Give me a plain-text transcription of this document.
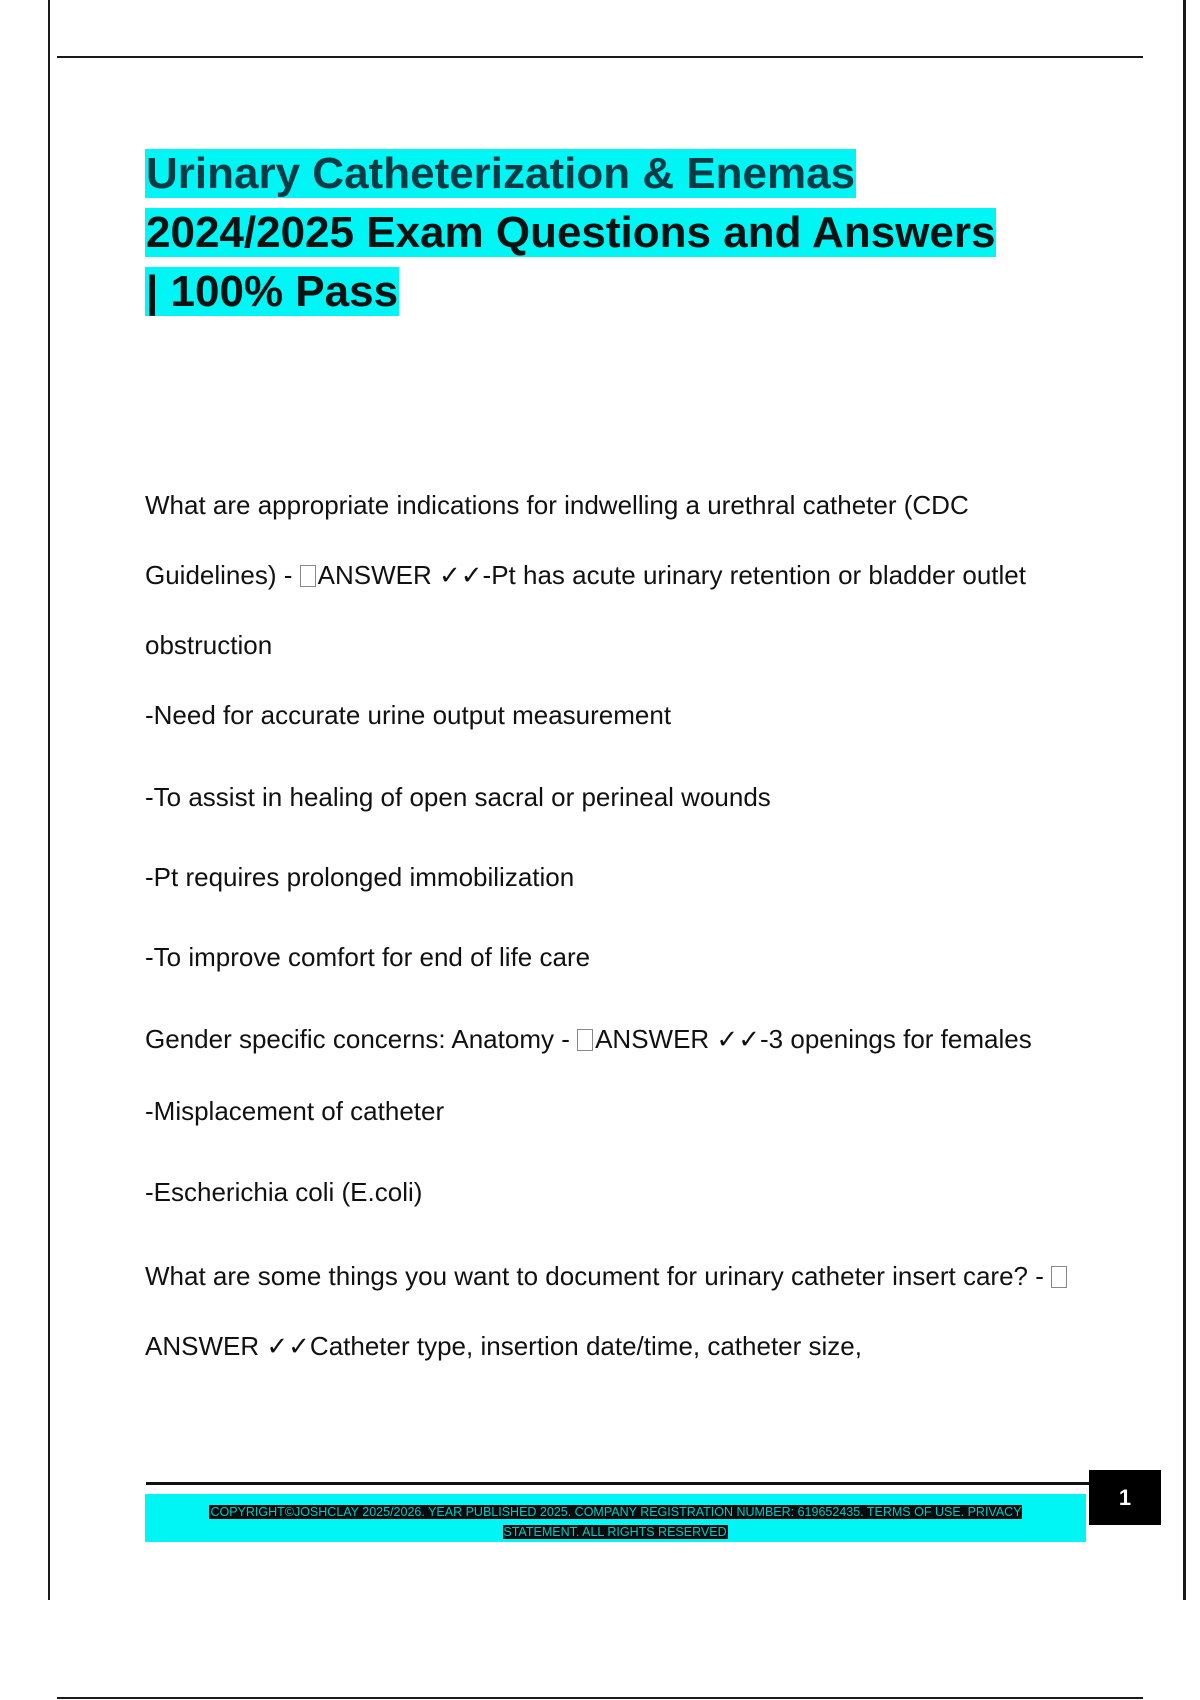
Urinary Catheterization & Enemas
2024/2025 Exam Questions and Answers
| 100% Pass

What are appropriate indications for indwelling a urethral catheter (CDC Guidelines) - ANSWER ✓✓-Pt has acute urinary retention or bladder outlet obstruction

-Need for accurate urine output measurement

-To assist in healing of open sacral or perineal wounds

-Pt requires prolonged immobilization

-To improve comfort for end of life care

Gender specific concerns: Anatomy - ANSWER ✓✓-3 openings for females

-Misplacement of catheter

-Escherichia coli (E.coli)

What are some things you want to document for urinary catheter insert care? - ANSWER ✓✓Catheter type, insertion date/time, catheter size,

COPYRIGHT©JOSHCLAY 2025/2026. YEAR PUBLISHED 2025. COMPANY REGISTRATION NUMBER: 619652435. TERMS OF USE. PRIVACY STATEMENT. ALL RIGHTS RESERVED
1
